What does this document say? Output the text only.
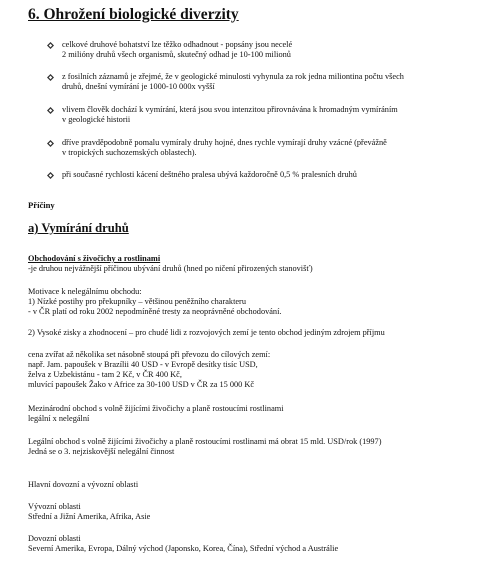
6. Ohrožení biologické diverzity
celkové druhové bohatství lze těžko odhadnout - popsány jsou necelé
2 milióny druhů všech organismů, skutečný odhad je 10-100 milionů
z fosilních záznamů je zřejmé, že v geologické minulosti vyhynula za rok jedna miliontina počtu všech
druhů, dnešní vymírání je 1000-10 000x vyšší
vlivem člověk dochází k vymírání, která jsou svou intenzitou přirovnávána k hromadným vymíráním
v geologické historii
dříve pravděpodobně pomalu vymíraly druhy hojné, dnes rychle vymírají druhy vzácné (převážně
v tropických suchozemských oblastech).
při současné rychlosti kácení deštného pralesa ubývá každoročně 0,5 % pralesních druhů
Příčiny
a) Vymírání druhů
Obchodování s živočichy a rostlinami
-je druhou nejvážnější příčinou ubývání druhů (hned po ničení přirozených stanovišť)
Motivace k nelegálnímu obchodu:
1) Nízké postihy pro překupníky – většinou peněžního charakteru
- v ČR platí od roku 2002 nepodmíněné tresty za neoprávněné obchodování.
2) Vysoké zisky a zhodnocení – pro chudé lidi z rozvojových zemí je tento obchod jediným zdrojem příjmu
cena zvířat až několika set násobně stoupá při převozu do cílových zemí:
např. Jam. papoušek v Brazílii 40 USD - v Evropě desítky tisíc USD,
želva z Uzbekistánu - tam 2 Kč, v ČR 400 Kč,
mluvící papoušek Žako v Africe za 30-100 USD v ČR za 15 000 Kč
Mezinárodní obchod s volně žijícími živočichy a planě rostoucími rostlinami
legální x nelegální
Legální obchod s volně žijícími živočichy a planě rostoucími rostlinami má obrat 15 mld. USD/rok (1997)
Jedná se o 3. nejziskovější nelegální činnost
Hlavní dovozní a vývozní oblasti
Vývozní oblasti
Střední a Jižní Amerika, Afrika, Asie
Dovozní oblasti
Severní Amerika, Evropa, Dálný východ (Japonsko, Korea, Čína), Střední východ a Austrálie
